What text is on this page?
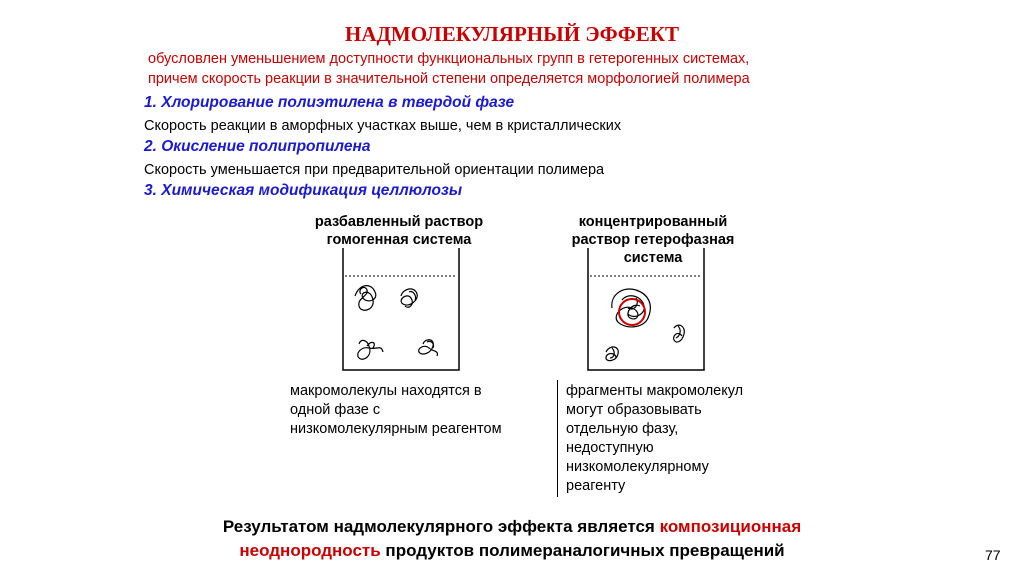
НАДМОЛЕКУЛЯРНЫЙ ЭФФЕКТ
обусловлен уменьшением доступности функциональных групп в гетерогенных системах,
причем скорость реакции в значительной степени определяется морфологией полимера
1. Хлорирование полиэтилена в твердой фазе
Скорость реакции в аморфных участках выше, чем в кристаллических
2. Окисление полипропилена
Скорость уменьшается при предварительной ориентации полимера
3. Химическая модификация целлюлозы
разбавленный раствор
гомогенная система
концентрированный
раствор гетерофазная
система
макромолекулы находятся в
одной фазе с
низкомолекулярным реагентом
фрагменты макромолекул
могут образовывать
отдельную фазу,
недоступную
низкомолекулярному
реагенту
Результатом надмолекулярного эффекта является композиционная
неоднородность продуктов полимераналогичных превращений	77
